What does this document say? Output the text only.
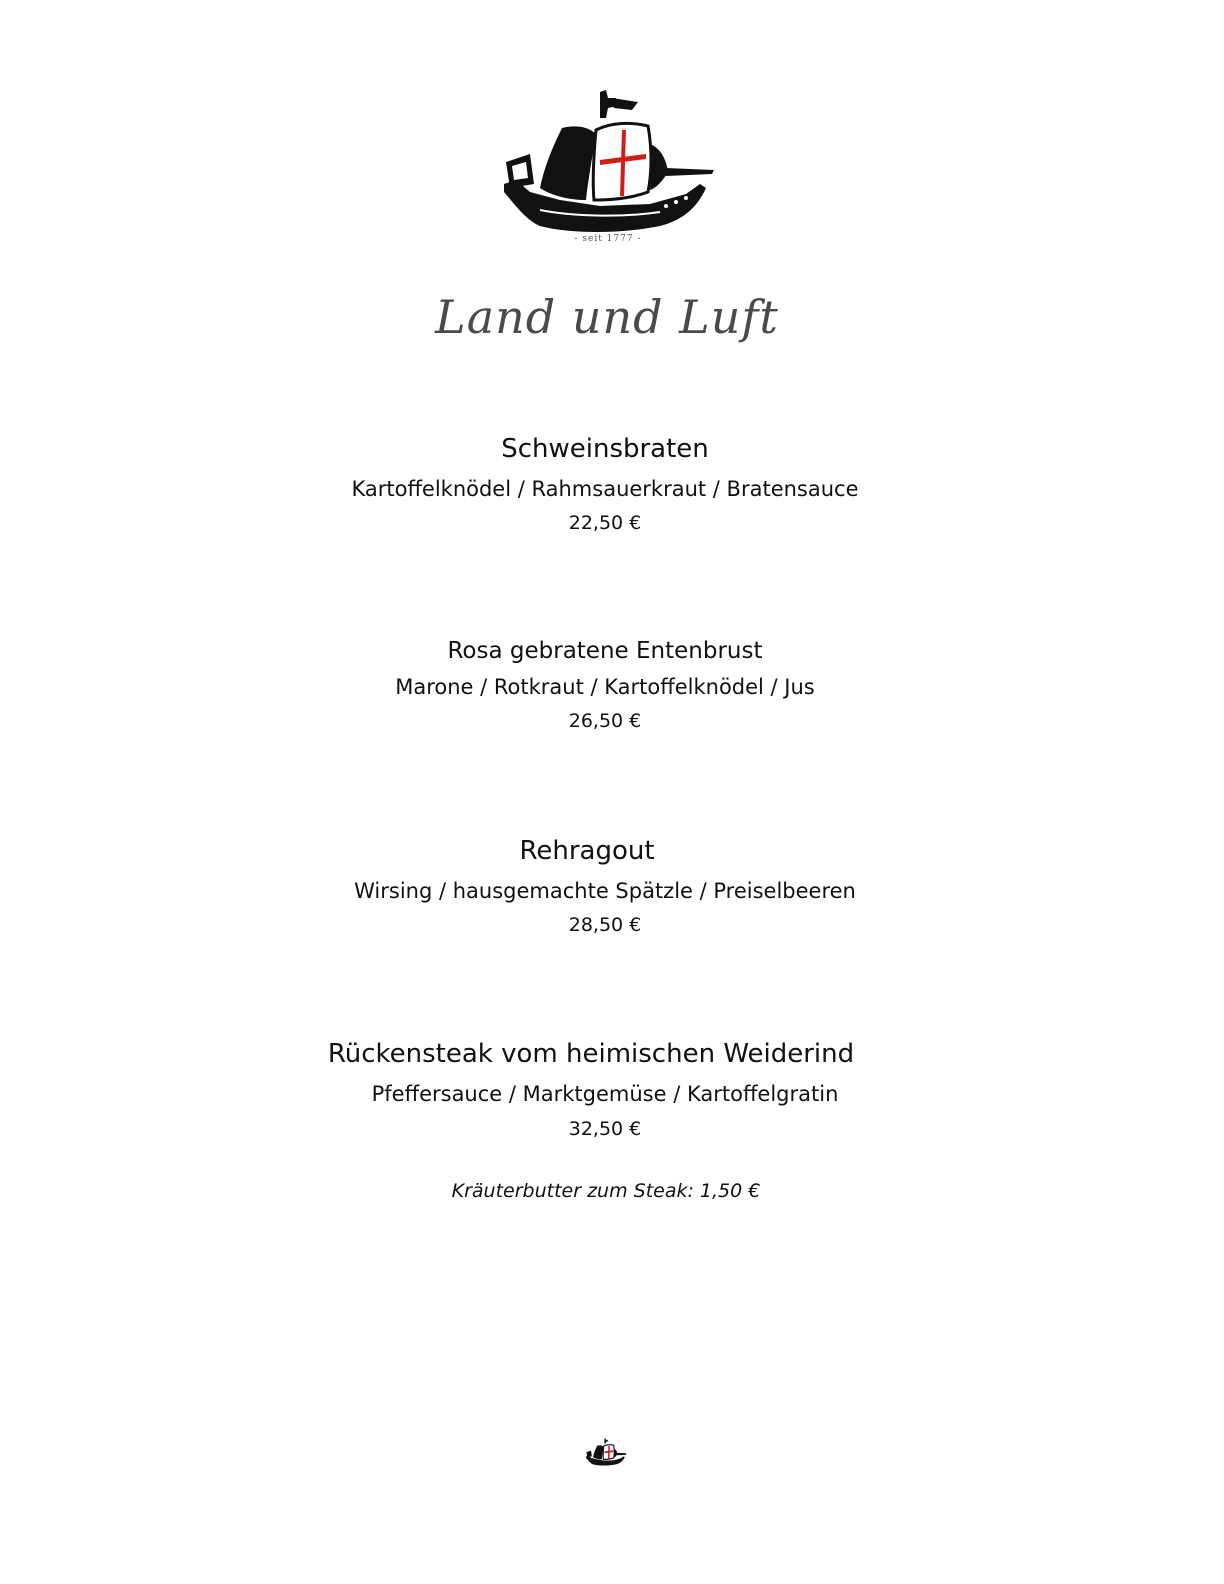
- seit 1777 -
Land und Luft
Schweinsbraten
Kartoffelknödel / Rahmsauerkraut / Bratensauce
22,50 €
Rosa gebratene Entenbrust
Marone / Rotkraut / Kartoffelknödel / Jus
26,50 €
Rehragout
Wirsing / hausgemachte Spätzle / Preiselbeeren
28,50 €
Rückensteak vom heimischen Weiderind
Pfeffersauce / Marktgemüse / Kartoffelgratin
32,50 €
Kräuterbutter zum Steak: 1,50 €
